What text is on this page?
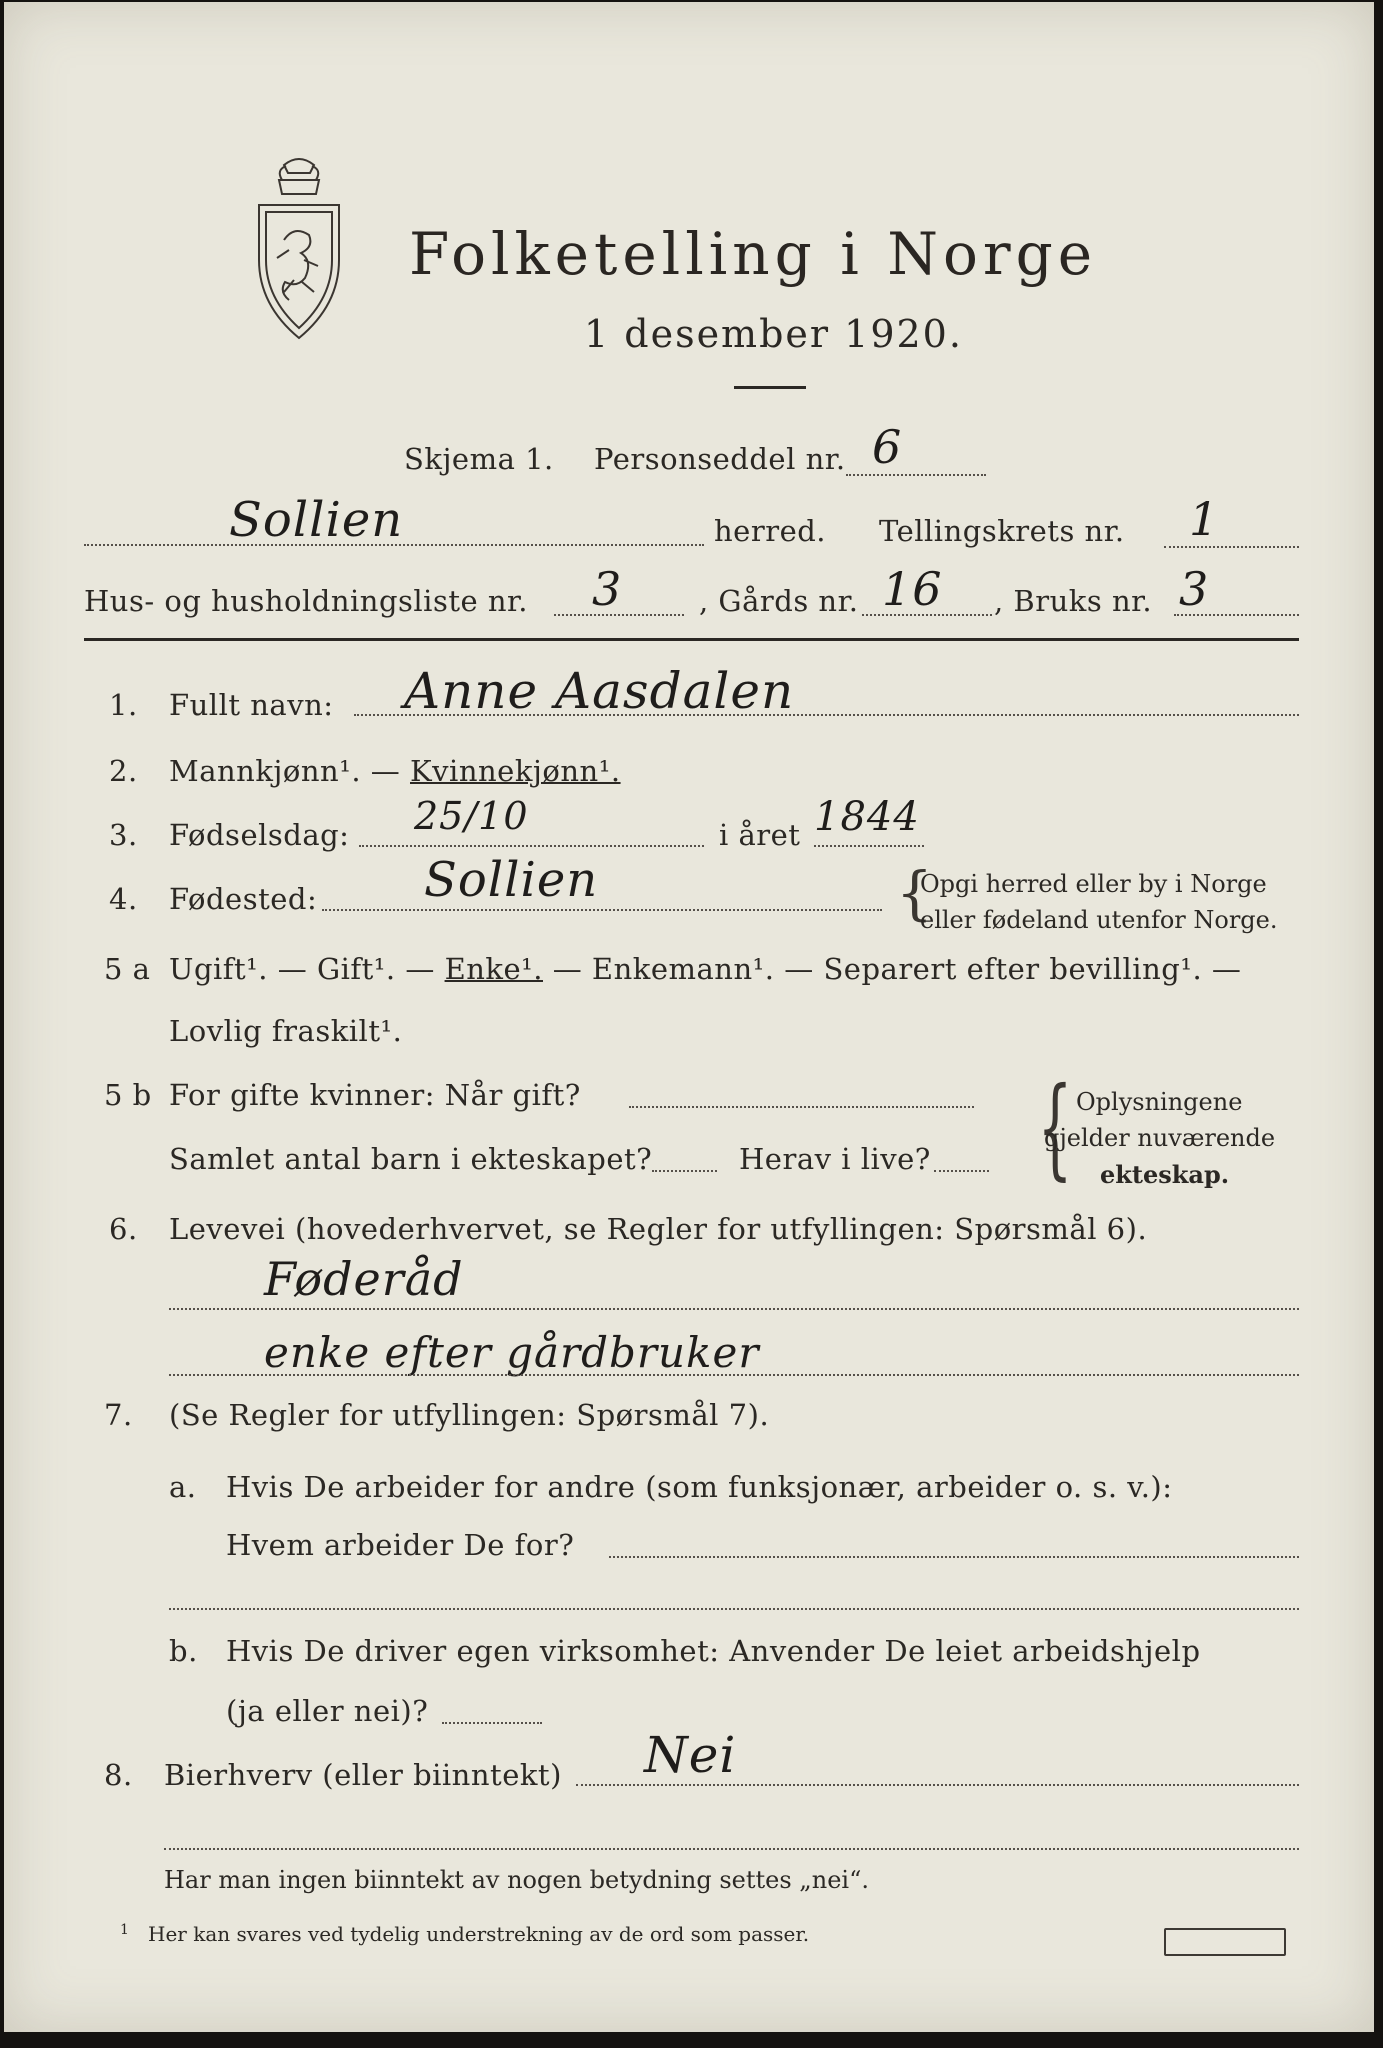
Folketelling i Norge
1 desember 1920.
Skjema 1. Personseddel nr. 6
Sollien	herred. Tellingskrets nr. 1
Hus- og husholdningsliste nr. 3	, Gårds nr. 16 , Bruks nr. 3
1. Fullt navn: Anne Aasdalen
2. Mannkjønn¹. — Kvinnekjønn¹.
3. Fødselsdag: 25/10	i året 1844
4. Fødested: Sollien	{
Opgi herred eller by i Norge
eller fødeland utenfor Norge.
5 a Ugift¹. — Gift¹. — Enke¹. — Enkemann¹. — Separert efter bevilling¹. —
Lovlig fraskilt¹.
5 b For gifte kvinner: Når gift?
Samlet antal barn i ekteskapet?	Herav i live? { Oplysningene
gjelder nuværende
ekteskap.
6. Levevei (hovederhvervet, se Regler for utfyllingen: Spørsmål 6).
Føderåd
enke efter gårdbruker
7. (Se Regler for utfyllingen: Spørsmål 7).
a. Hvis De arbeider for andre (som funksjonær, arbeider o. s. v.):
Hvem arbeider De for?
b. Hvis De driver egen virksomhet: Anvender De leiet arbeidshjelp
(ja eller nei)?
8. Bierhverv (eller biinntekt) Nei
Har man ingen biinntekt av nogen betydning settes „nei“.
1 Her kan svares ved tydelig understrekning av de ord som passer.
